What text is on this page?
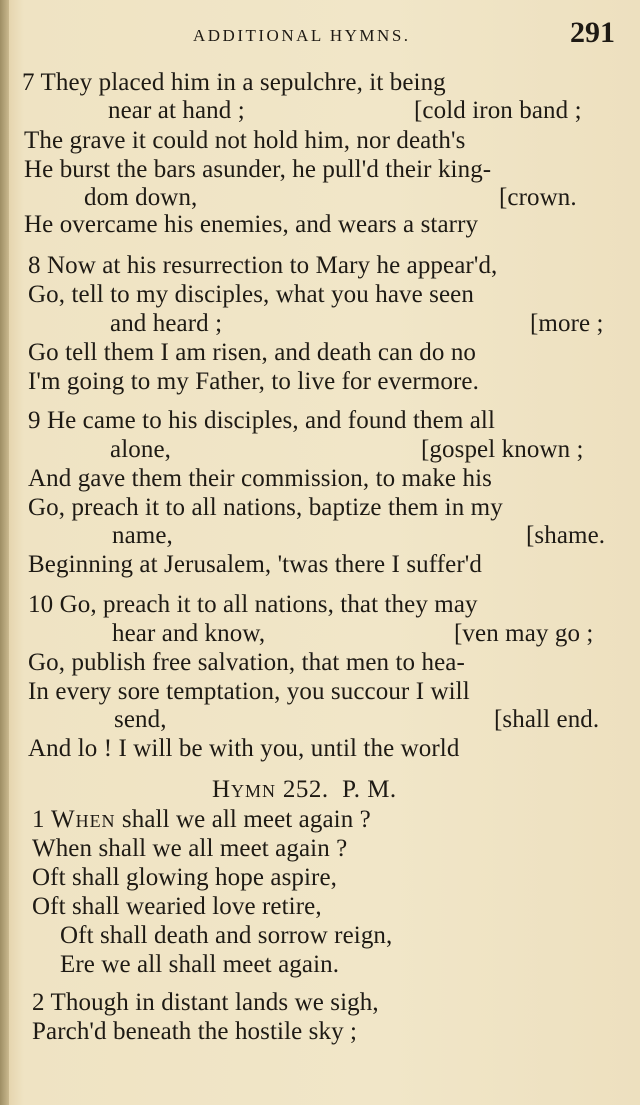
ADDITIONAL HYMNS.	291
7 They placed him in a sepulchre, it being
near at hand ;	[cold iron band ;
The grave it could not hold him, nor death's
He burst the bars asunder, he pull'd their king-
dom down,	[crown.
He overcame his enemies, and wears a starry
8 Now at his resurrection to Mary he appear'd,
Go, tell to my disciples, what you have seen
and heard ;	[more ;
Go tell them I am risen, and death can do no
I'm going to my Father, to live for evermore.
9 He came to his disciples, and found them all
alone,	[gospel known ;
And gave them their commission, to make his
Go, preach it to all nations, baptize them in my
name,	[shame.
Beginning at Jerusalem, 'twas there I suffer'd
10 Go, preach it to all nations, that they may
hear and know,	[ven may go ;
Go, publish free salvation, that men to hea-
In every sore temptation, you succour I will
send,	[shall end.
And lo ! I will be with you, until the world
Hymn 252. P. M.
1 When shall we all meet again ?
When shall we all meet again ?
Oft shall glowing hope aspire,
Oft shall wearied love retire,
Oft shall death and sorrow reign,
Ere we all shall meet again.
2 Though in distant lands we sigh,
Parch'd beneath the hostile sky ;
